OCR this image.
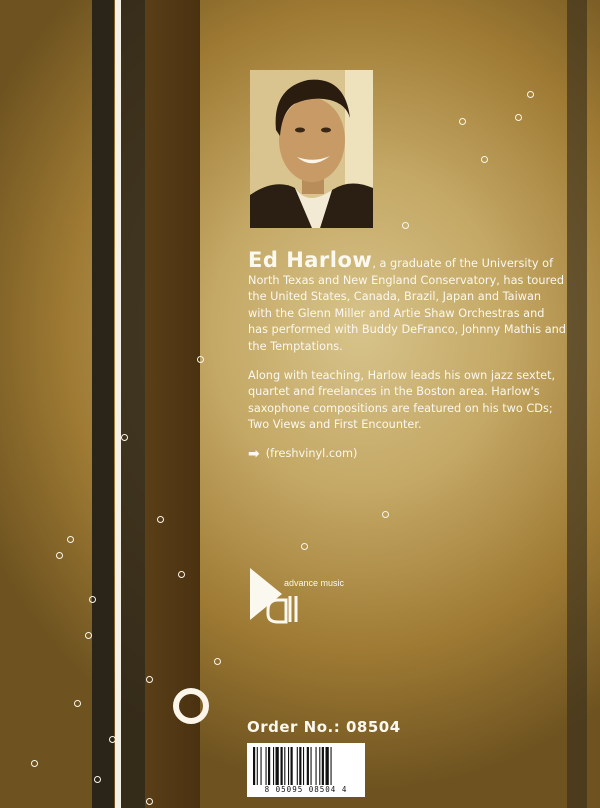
Ed Harlow, a graduate of the University of North Texas and New England Conservatory, has toured the United States, Canada, Brazil, Japan and Taiwan with the Glenn Miller and Artie Shaw Orchestras and has performed with Buddy DeFranco, Johnny Mathis and the Temptations.

Along with teaching, Harlow leads his own jazz sextet, quartet and freelances in the Boston area. Harlow's saxophone compositions are featured on his two CDs; Two Views and First Encounter.

➡ (freshvinyl.com)
advance music
Order No.: 08504
8 05095 08504 4
